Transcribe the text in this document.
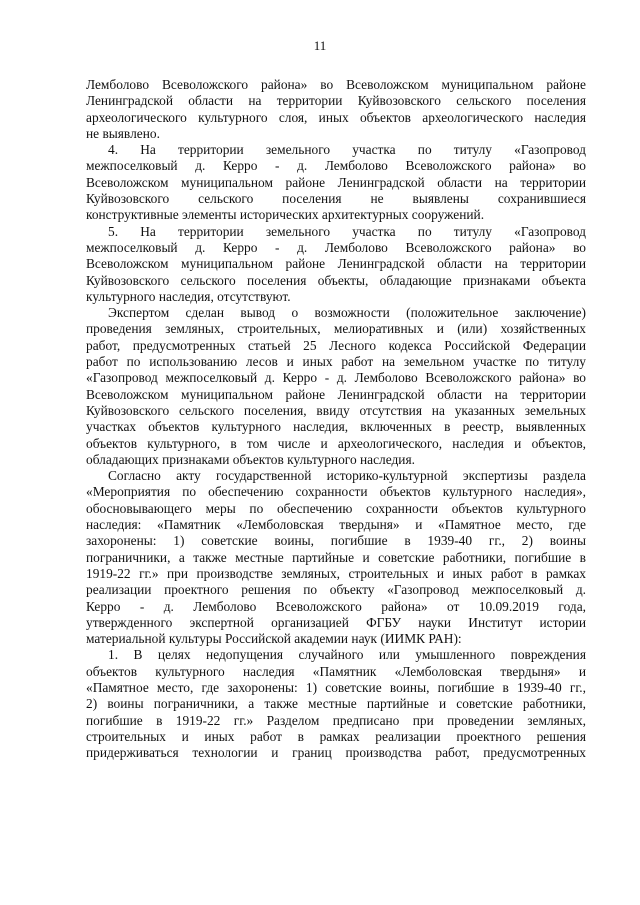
11
Лемболово Всеволожского района» во Всеволожском муниципальном районе
Ленинградской области на территории Куйвозовского сельского поселения
археологического культурного слоя, иных объектов археологического наследия
не выявлено.
4. На территории земельного участка по титулу «Газопровод
межпоселковый д. Керро - д. Лемболово Всеволожского района» во
Всеволожском муниципальном районе Ленинградской области на территории
Куйвозовского сельского поселения не выявлены сохранившиеся
конструктивные элементы исторических архитектурных сооружений.
5. На территории земельного участка по титулу «Газопровод
межпоселковый д. Керро - д. Лемболово Всеволожского района» во
Всеволожском муниципальном районе Ленинградской области на территории
Куйвозовского сельского поселения объекты, обладающие признаками объекта
культурного наследия, отсутствуют.
Экспертом сделан вывод о возможности (положительное заключение)
проведения земляных, строительных, мелиоративных и (или) хозяйственных
работ, предусмотренных статьей 25 Лесного кодекса Российской Федерации
работ по использованию лесов и иных работ на земельном участке по титулу
«Газопровод межпоселковый д. Керро - д. Лемболово Всеволожского района» во
Всеволожском муниципальном районе Ленинградской области на территории
Куйвозовского сельского поселения, ввиду отсутствия на указанных земельных
участках объектов культурного наследия, включенных в реестр, выявленных
объектов культурного, в том числе и археологического, наследия и объектов,
обладающих признаками объектов культурного наследия.
Согласно акту государственной историко-культурной экспертизы раздела
«Мероприятия по обеспечению сохранности объектов культурного наследия»,
обосновывающего меры по обеспечению сохранности объектов культурного
наследия: «Памятник «Лемболовская твердыня» и «Памятное место, где
захоронены: 1) советские воины, погибшие в 1939-40 гг., 2) воины
пограничники, а также местные партийные и советские работники, погибшие в
1919-22 гг.» при производстве земляных, строительных и иных работ в рамках
реализации проектного решения по объекту «Газопровод межпоселковый д.
Керро - д. Лемболово Всеволожского района» от 10.09.2019 года,
утвержденного экспертной организацией ФГБУ науки Институт истории
материальной культуры Российской академии наук (ИИМК РАН):
1. В целях недопущения случайного или умышленного повреждения
объектов культурного наследия «Памятник «Лемболовская твердыня» и
«Памятное место, где захоронены: 1) советские воины, погибшие в 1939-40 гг.,
2) воины пограничники, а также местные партийные и советские работники,
погибшие в 1919-22 гг.» Разделом предписано при проведении земляных,
строительных и иных работ в рамках реализации проектного решения
придерживаться технологии и границ производства работ, предусмотренных
